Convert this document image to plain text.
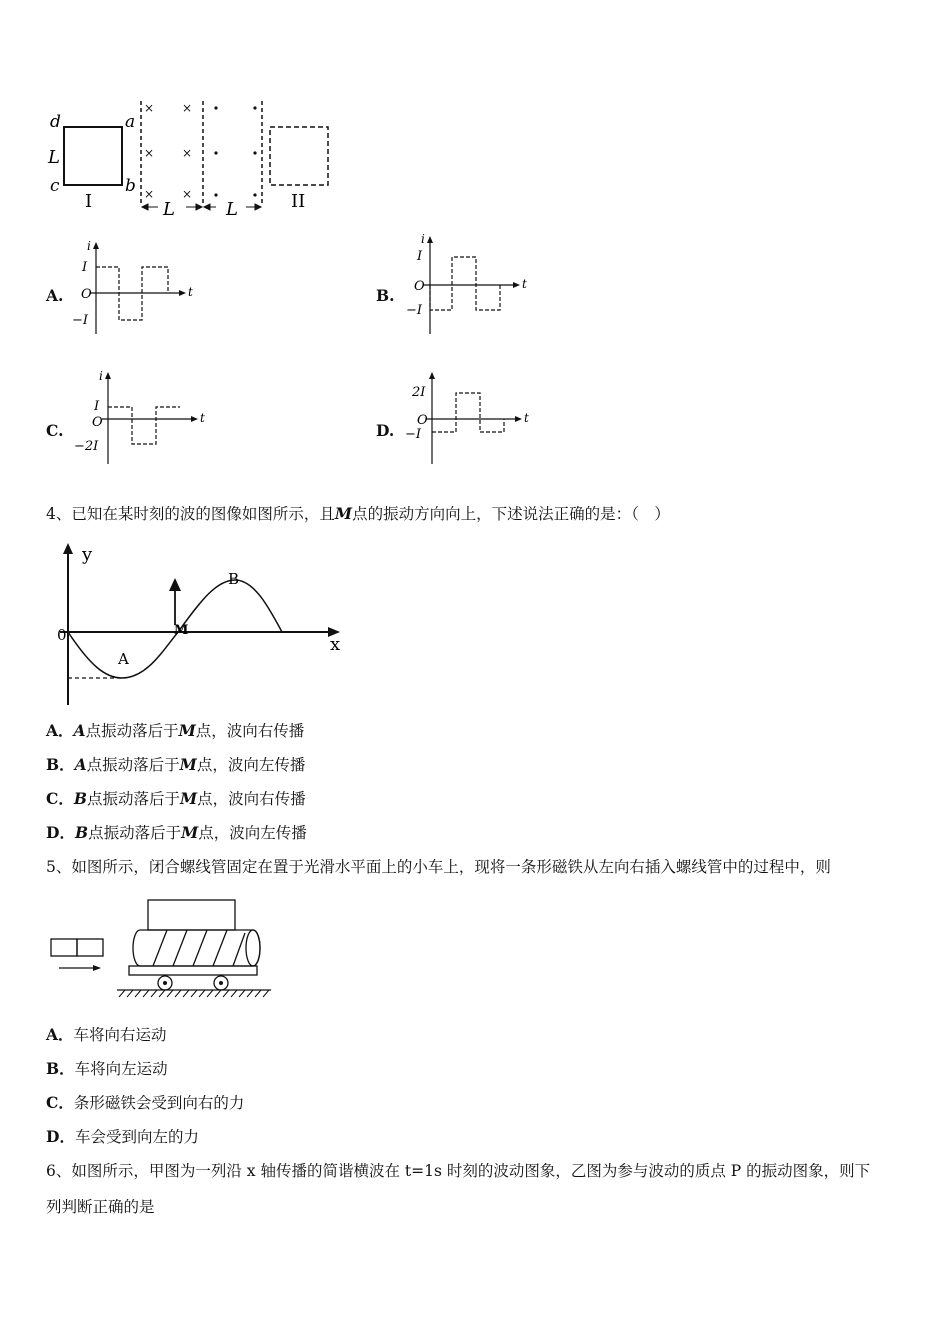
d	a
c	b
L
I
×
×
×
×
×
×	II
L	L
A.
i
t
I
O
−I
B.
i
t
I
O
−I
C.
i
t
I
O
−2I
D.
2I
t
O
−I
4、已知在某时刻的波的图像如图所示，且M点的振动方向向上，下述说法正确的是：（　）
y
x
0
A
B
M
A．A点振动落后于M点，波向右传播
B．A点振动落后于M点，波向左传播
C．B点振动落后于M点，波向右传播
D．B点振动落后于M点，波向左传播
5、如图所示，闭合螺线管固定在置于光滑水平面上的小车上，现将一条形磁铁从左向右插入螺线管中的过程中，则
A．车将向右运动
B．车将向左运动
C．条形磁铁会受到向右的力
D．车会受到向左的力
6、如图所示，甲图为一列沿 x 轴传播的简谐横波在 t=1s 时刻的波动图象，乙图为参与波动的质点 P 的振动图象，则下
列判断正确的是
